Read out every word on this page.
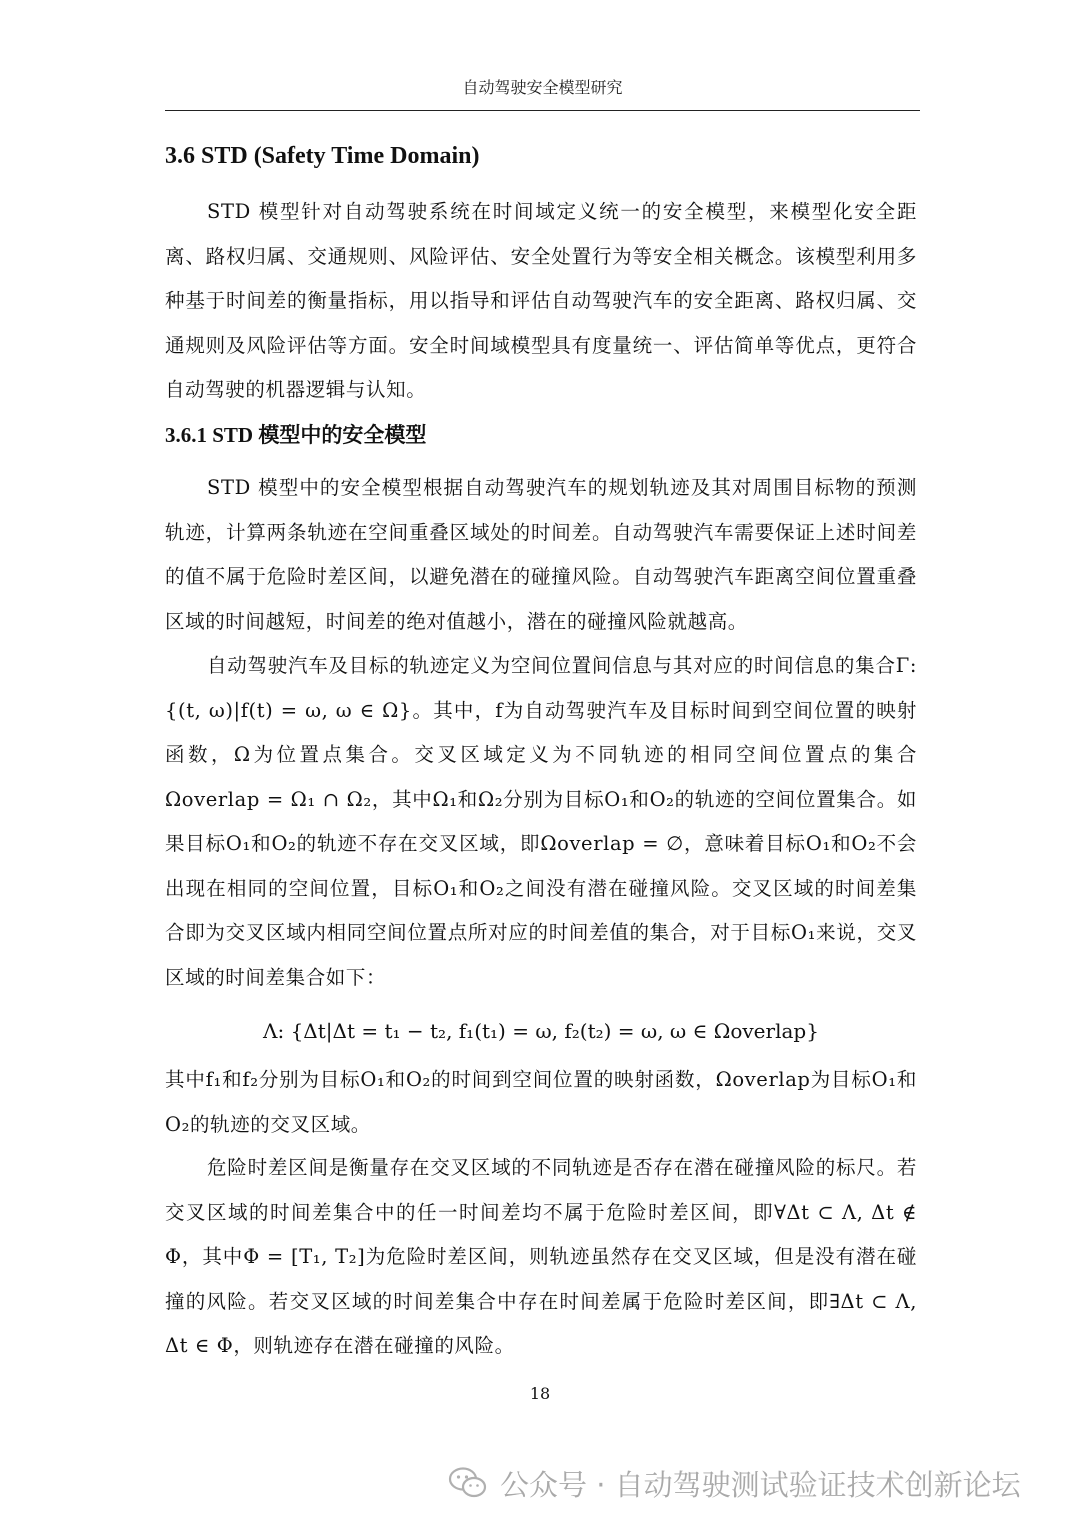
自动驾驶安全模型研究
3.6 STD (Safety Time Domain)

STD 模型针对自动驾驶系统在时间域定义统一的安全模型，来模型化安全距离、路权归属、交通规则、风险评估、安全处置行为等安全相关概念。该模型利用多种基于时间差的衡量指标，用以指导和评估自动驾驶汽车的安全距离、路权归属、交通规则及风险评估等方面。安全时间域模型具有度量统一、评估简单等优点，更符合自动驾驶的机器逻辑与认知。

3.6.1 STD 模型中的安全模型

STD 模型中的安全模型根据自动驾驶汽车的规划轨迹及其对周围目标物的预测轨迹，计算两条轨迹在空间重叠区域处的时间差。自动驾驶汽车需要保证上述时间差的值不属于危险时差区间，以避免潜在的碰撞风险。自动驾驶汽车距离空间位置重叠区域的时间越短，时间差的绝对值越小，潜在的碰撞风险就越高。

自动驾驶汽车及目标的轨迹定义为空间位置间信息与其对应的时间信息的集合Γ: {(t, ω)|f(t) = ω, ω ∈ Ω}。其中，f为自动驾驶汽车及目标时间到空间位置的映射函数，Ω为位置点集合。交叉区域定义为不同轨迹的相同空间位置点的集合Ωoverlap = Ω₁ ∩ Ω₂，其中Ω₁和Ω₂分别为目标O₁和O₂的轨迹的空间位置集合。如果目标O₁和O₂的轨迹不存在交叉区域，即Ωoverlap = ∅，意味着目标O₁和O₂不会出现在相同的空间位置，目标O₁和O₂之间没有潜在碰撞风险。交叉区域的时间差集合即为交叉区域内相同空间位置点所对应的时间差值的集合，对于目标O₁来说，交叉区域的时间差集合如下：

Λ: {Δt|Δt = t₁ − t₂, f₁(t₁) = ω, f₂(t₂) = ω, ω ∈ Ωoverlap}

其中f₁和f₂分别为目标O₁和O₂的时间到空间位置的映射函数，Ωoverlap为目标O₁和O₂的轨迹的交叉区域。

危险时差区间是衡量存在交叉区域的不同轨迹是否存在潜在碰撞风险的标尺。若交叉区域的时间差集合中的任一时间差均不属于危险时差区间，即∀Δt ⊂ Λ, Δt ∉ Φ，其中Φ = [T₁, T₂]为危险时差区间，则轨迹虽然存在交叉区域，但是没有潜在碰撞的风险。若交叉区域的时间差集合中存在时间差属于危险时差区间，即∃Δt ⊂ Λ, Δt ∈ Φ，则轨迹存在潜在碰撞的风险。

18
公众号 · 自动驾驶测试验证技术创新论坛
